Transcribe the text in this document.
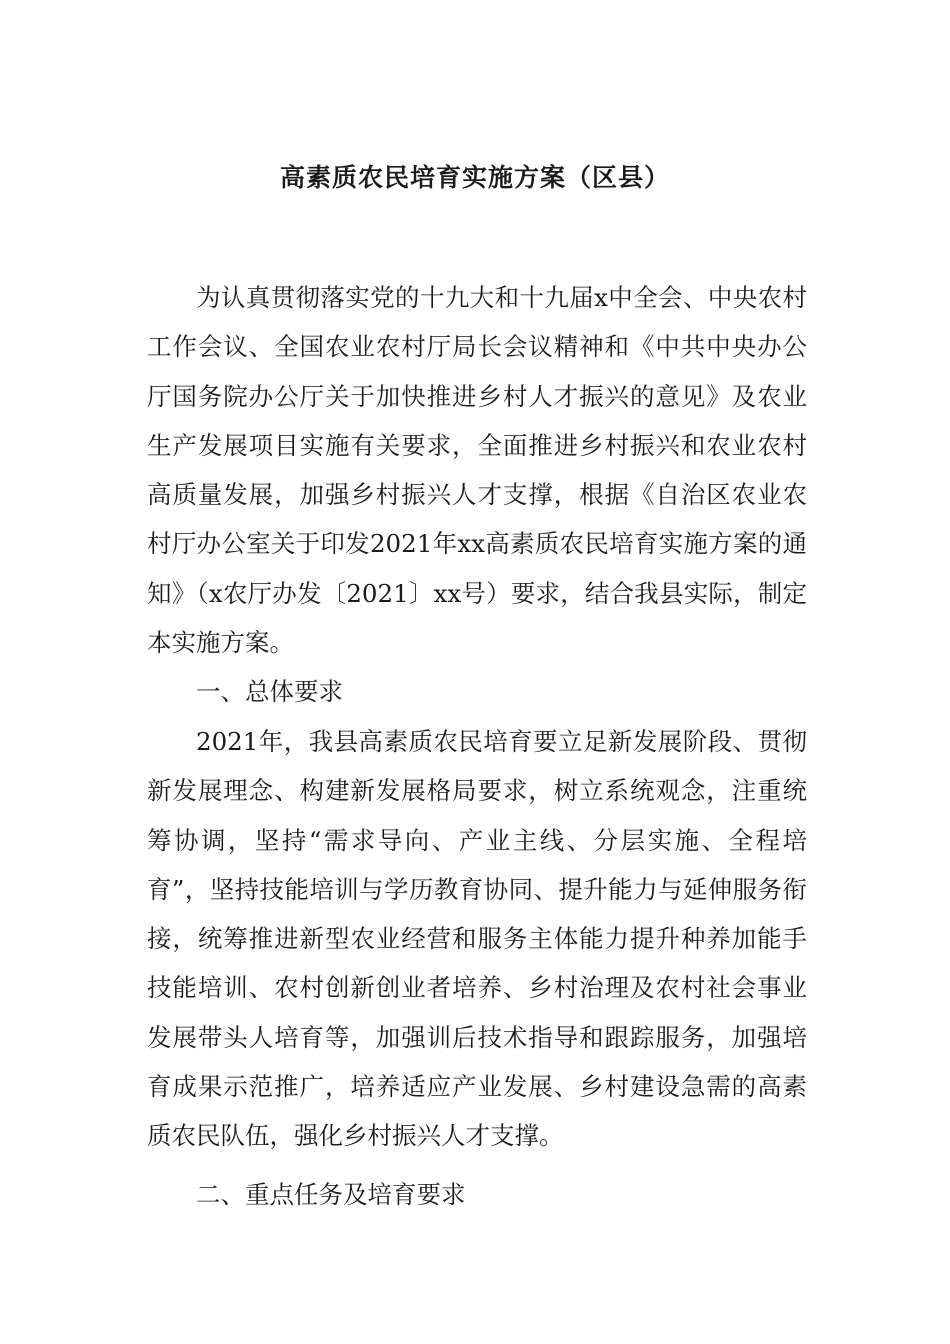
高素质农民培育实施方案（区县）

为认真贯彻落实党的十九大和十九届x中全会、中央农村工作会议、全国农业农村厅局长会议精神和《中共中央办公厅国务院办公厅关于加快推进乡村人才振兴的意见》及农业生产发展项目实施有关要求，全面推进乡村振兴和农业农村高质量发展，加强乡村振兴人才支撑，根据《自治区农业农村厅办公室关于印发2021年xx高素质农民培育实施方案的通知》（x农厅办发〔2021〕xx号）要求，结合我县实际，制定本实施方案。

一、总体要求

2021年，我县高素质农民培育要立足新发展阶段、贯彻新发展理念、构建新发展格局要求，树立系统观念，注重统筹协调，坚持“需求导向、产业主线、分层实施、全程培育”，坚持技能培训与学历教育协同、提升能力与延伸服务衔接，统筹推进新型农业经营和服务主体能力提升种养加能手技能培训、农村创新创业者培养、乡村治理及农村社会事业发展带头人培育等，加强训后技术指导和跟踪服务，加强培育成果示范推广，培养适应产业发展、乡村建设急需的高素质农民队伍，强化乡村振兴人才支撑。

二、重点任务及培育要求
